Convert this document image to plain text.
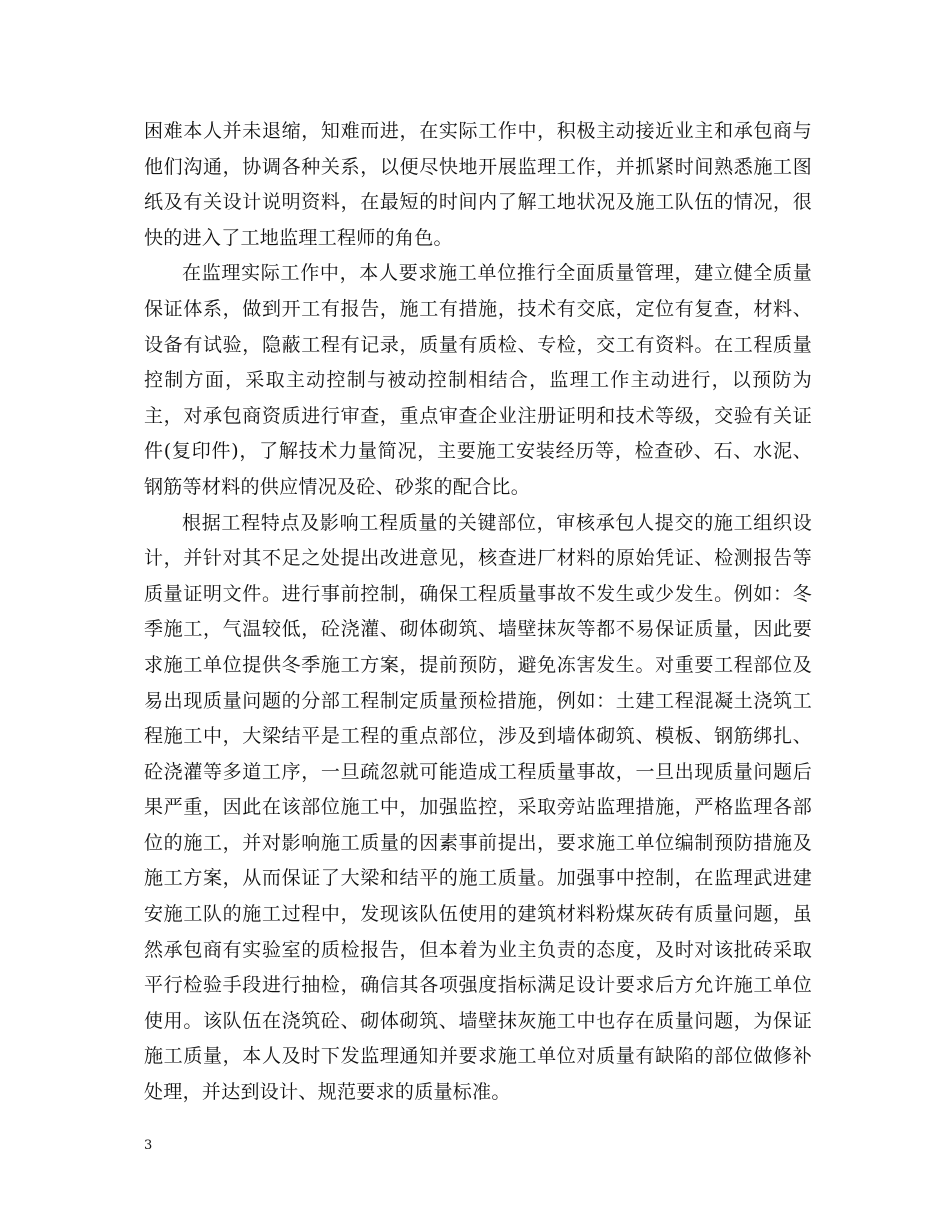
困难本人并未退缩，知难而进，在实际工作中，积极主动接近业主和承包商与他们沟通，协调各种关系，以便尽快地开展监理工作，并抓紧时间熟悉施工图纸及有关设计说明资料，在最短的时间内了解工地状况及施工队伍的情况，很快的进入了工地监理工程师的角色。

在监理实际工作中，本人要求施工单位推行全面质量管理，建立健全质量保证体系，做到开工有报告，施工有措施，技术有交底，定位有复查，材料、设备有试验，隐蔽工程有记录，质量有质检、专检，交工有资料。在工程质量控制方面，采取主动控制与被动控制相结合，监理工作主动进行，以预防为主，对承包商资质进行审查，重点审查企业注册证明和技术等级，交验有关证件(复印件)，了解技术力量简况，主要施工安装经历等，检查砂、石、水泥、钢筋等材料的供应情况及砼、砂浆的配合比。

根据工程特点及影响工程质量的关键部位，审核承包人提交的施工组织设计，并针对其不足之处提出改进意见，核查进厂材料的原始凭证、检测报告等质量证明文件。进行事前控制，确保工程质量事故不发生或少发生。例如：冬季施工，气温较低，砼浇灌、砌体砌筑、墙壁抹灰等都不易保证质量，因此要求施工单位提供冬季施工方案，提前预防，避免冻害发生。对重要工程部位及易出现质量问题的分部工程制定质量预检措施，例如：土建工程混凝土浇筑工程施工中，大梁结平是工程的重点部位，涉及到墙体砌筑、模板、钢筋绑扎、砼浇灌等多道工序，一旦疏忽就可能造成工程质量事故，一旦出现质量问题后果严重，因此在该部位施工中，加强监控，采取旁站监理措施，严格监理各部位的施工，并对影响施工质量的因素事前提出，要求施工单位编制预防措施及施工方案，从而保证了大梁和结平的施工质量。加强事中控制，在监理武进建安施工队的施工过程中，发现该队伍使用的建筑材料粉煤灰砖有质量问题，虽然承包商有实验室的质检报告，但本着为业主负责的态度，及时对该批砖采取平行检验手段进行抽检，确信其各项强度指标满足设计要求后方允许施工单位使用。该队伍在浇筑砼、砌体砌筑、墙壁抹灰施工中也存在质量问题，为保证施工质量，本人及时下发监理通知并要求施工单位对质量有缺陷的部位做修补处理，并达到设计、规范要求的质量标准。

3
